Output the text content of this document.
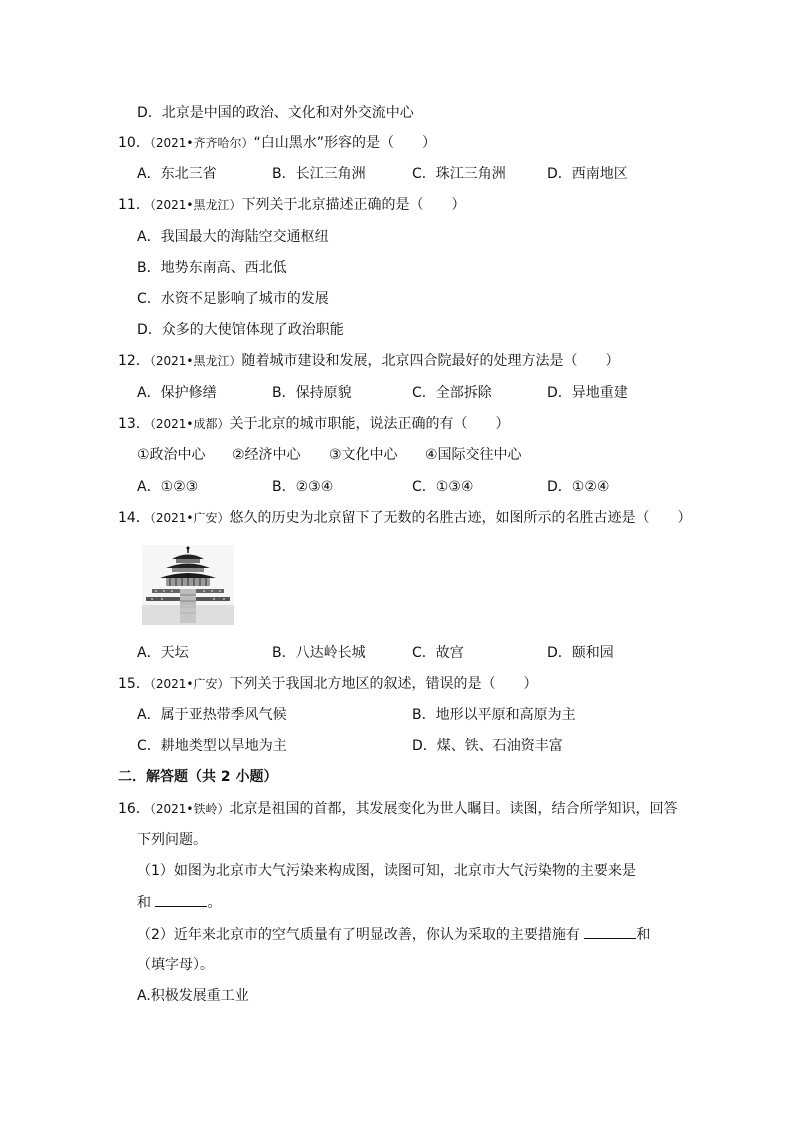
D．北京是中国的政治、文化和对外交流中心
10．（2021•齐齐哈尔）“白山黑水”形容的是（　　）
A．东北三省	B．长江三角洲	C．珠江三角洲	D．西南地区
11．（2021•黑龙江）下列关于北京描述正确的是（　　）
A．我国最大的海陆空交通枢纽
B．地势东南高、西北低
C．水资不足影响了城市的发展
D．众多的大使馆体现了政治职能
12．（2021•黑龙江）随着城市建设和发展，北京四合院最好的处理方法是（　　）
A．保护修缮	B．保持原貌	C．全部拆除	D．异地重建
13．（2021•成都）关于北京的城市职能，说法正确的有（　　）
①政治中心 ②经济中心 ③文化中心 ④国际交往中心
A．①②③	B．②③④	C．①③④	D．①②④
14．（2021•广安）悠久的历史为北京留下了无数的名胜古迹，如图所示的名胜古迹是（　　）
A．天坛	B．八达岭长城	C．故宫	D．颐和园
15．（2021•广安）下列关于我国北方地区的叙述，错误的是（　　）
A．属于亚热带季风气候	B．地形以平原和高原为主
C．耕地类型以旱地为主	D．煤、铁、石油资丰富
二．解答题（共 2 小题）
16．（2021•铁岭）北京是祖国的首都，其发展变化为世人瞩目。读图，结合所学知识，回答
下列问题。
（1）如图为北京市大气污染来构成图，读图可知，北京市大气污染物的主要来是
和	。
（2）近年来北京市的空气质量有了明显改善，你认为采取的主要措施有	和
（填字母）。
A.积极发展重工业
